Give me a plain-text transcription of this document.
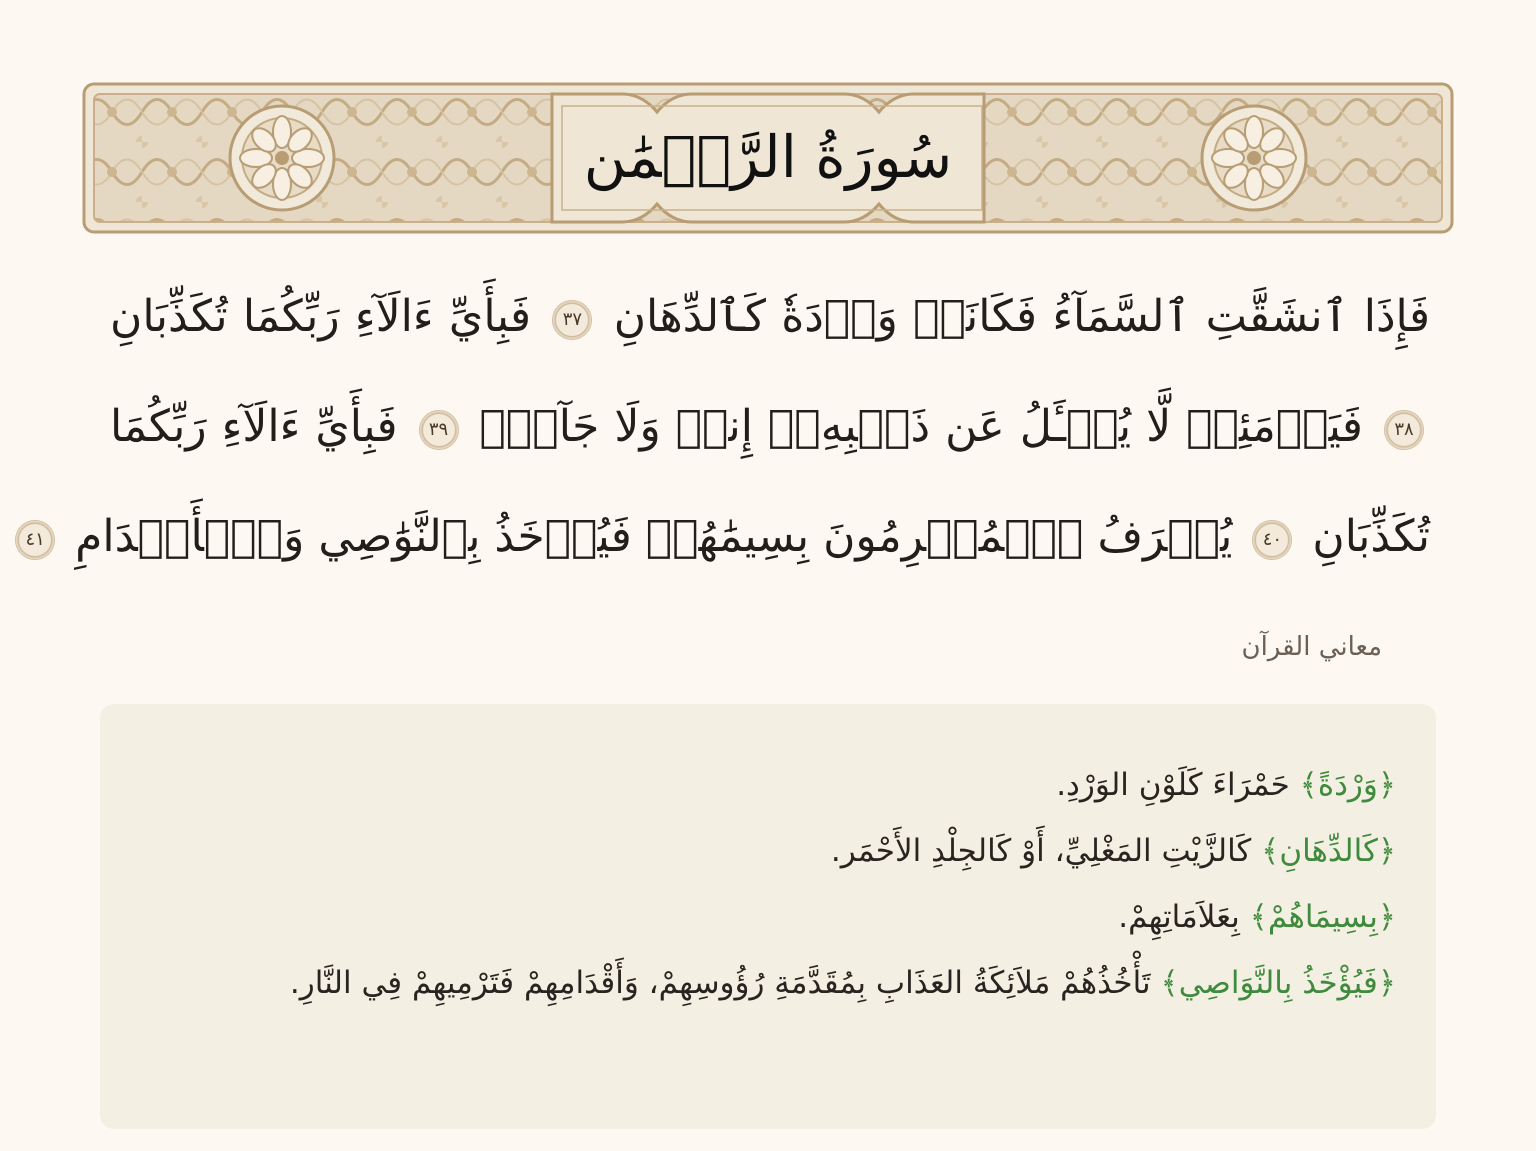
سُورَةُ الرَّحۡمَٰن
فَإِذَا ٱنشَقَّتِ ٱلسَّمَآءُ فَكَانَتۡ وَرۡدَةٗ كَٱلدِّهَانِ ٣٧ فَبِأَيِّ ءَالَآءِ رَبِّكُمَا تُكَذِّبَانِ
٣٨ فَيَوۡمَئِذٖ لَّا يُسۡـَٔلُ عَن ذَنۢبِهِۦٓ إِنسٞ وَلَا جَآنّٞ ٣٩ فَبِأَيِّ ءَالَآءِ رَبِّكُمَا
تُكَذِّبَانِ ٤٠ يُعۡرَفُ ٱلۡمُجۡرِمُونَ بِسِيمَٰهُمۡ فَيُؤۡخَذُ بِٱلنَّوَٰصِي وَٱلۡأَقۡدَامِ ٤١
معاني القرآن
﴿وَرْدَةً﴾ حَمْرَاءَ كَلَوْنِ الوَرْدِ.
﴿كَالدِّهَانِ﴾ كَالزَّيْتِ المَغْلِيِّ، أَوْ كَالجِلْدِ الأَحْمَر.
﴿بِسِيمَاهُمْ﴾ بِعَلاَمَاتِهِمْ.
﴿فَيُؤْخَذُ بِالنَّوَاصِي﴾ تَأْخُذُهُمْ مَلاَئِكَةُ العَذَابِ بِمُقَدَّمَةِ رُؤُوسِهِمْ، وَأَقْدَامِهِمْ فَتَرْمِيهِمْ فِي النَّارِ.
